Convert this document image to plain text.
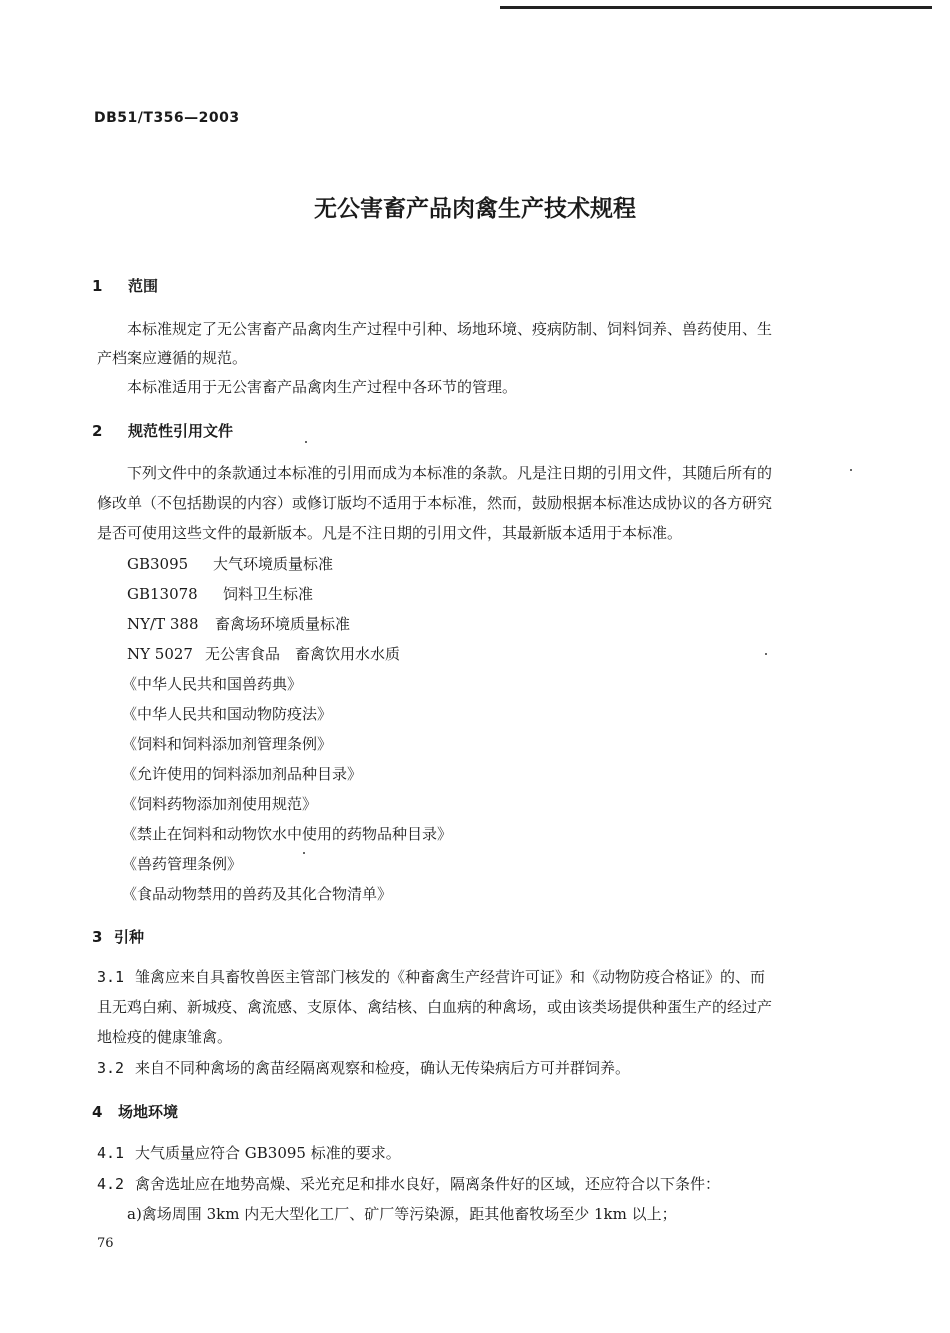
DB51/T356—2003
无公害畜产品肉禽生产技术规程
1 范围
本标准规定了无公害畜产品禽肉生产过程中引种、场地环境、疫病防制、饲料饲养、兽药使用、生
产档案应遵循的规范。
本标准适用于无公害畜产品禽肉生产过程中各环节的管理。
2 规范性引用文件
下列文件中的条款通过本标准的引用而成为本标准的条款。凡是注日期的引用文件，其随后所有的
修改单（不包括勘误的内容）或修订版均不适用于本标准，然而，鼓励根据本标准达成协议的各方研究
是否可使用这些文件的最新版本。凡是不注日期的引用文件，其最新版本适用于本标准。
GB3095 大气环境质量标准
GB13078 饲料卫生标准
NY/T 388 畜禽场环境质量标准
NY 5027 无公害食品　畜禽饮用水水质
《中华人民共和国兽药典》
《中华人民共和国动物防疫法》
《饲料和饲料添加剂管理条例》
《允许使用的饲料添加剂品种目录》
《饲料药物添加剂使用规范》
《禁止在饲料和动物饮水中使用的药物品种目录》
《兽药管理条例》
《食品动物禁用的兽药及其化合物清单》
3 引种
3.1 雏禽应来自具畜牧兽医主管部门核发的《种畜禽生产经营许可证》和《动物防疫合格证》的、而
且无鸡白痢、新城疫、禽流感、支原体、禽结核、白血病的种禽场，或由该类场提供种蛋生产的经过产
地检疫的健康雏禽。
3.2 来自不同种禽场的禽苗经隔离观察和检疫，确认无传染病后方可并群饲养。
4 场地环境
4.1 大气质量应符合 GB3095 标准的要求。
4.2 禽舍选址应在地势高燥、采光充足和排水良好，隔离条件好的区域，还应符合以下条件：
a)禽场周围 3km 内无大型化工厂、矿厂等污染源，距其他畜牧场至少 1km 以上；
76
